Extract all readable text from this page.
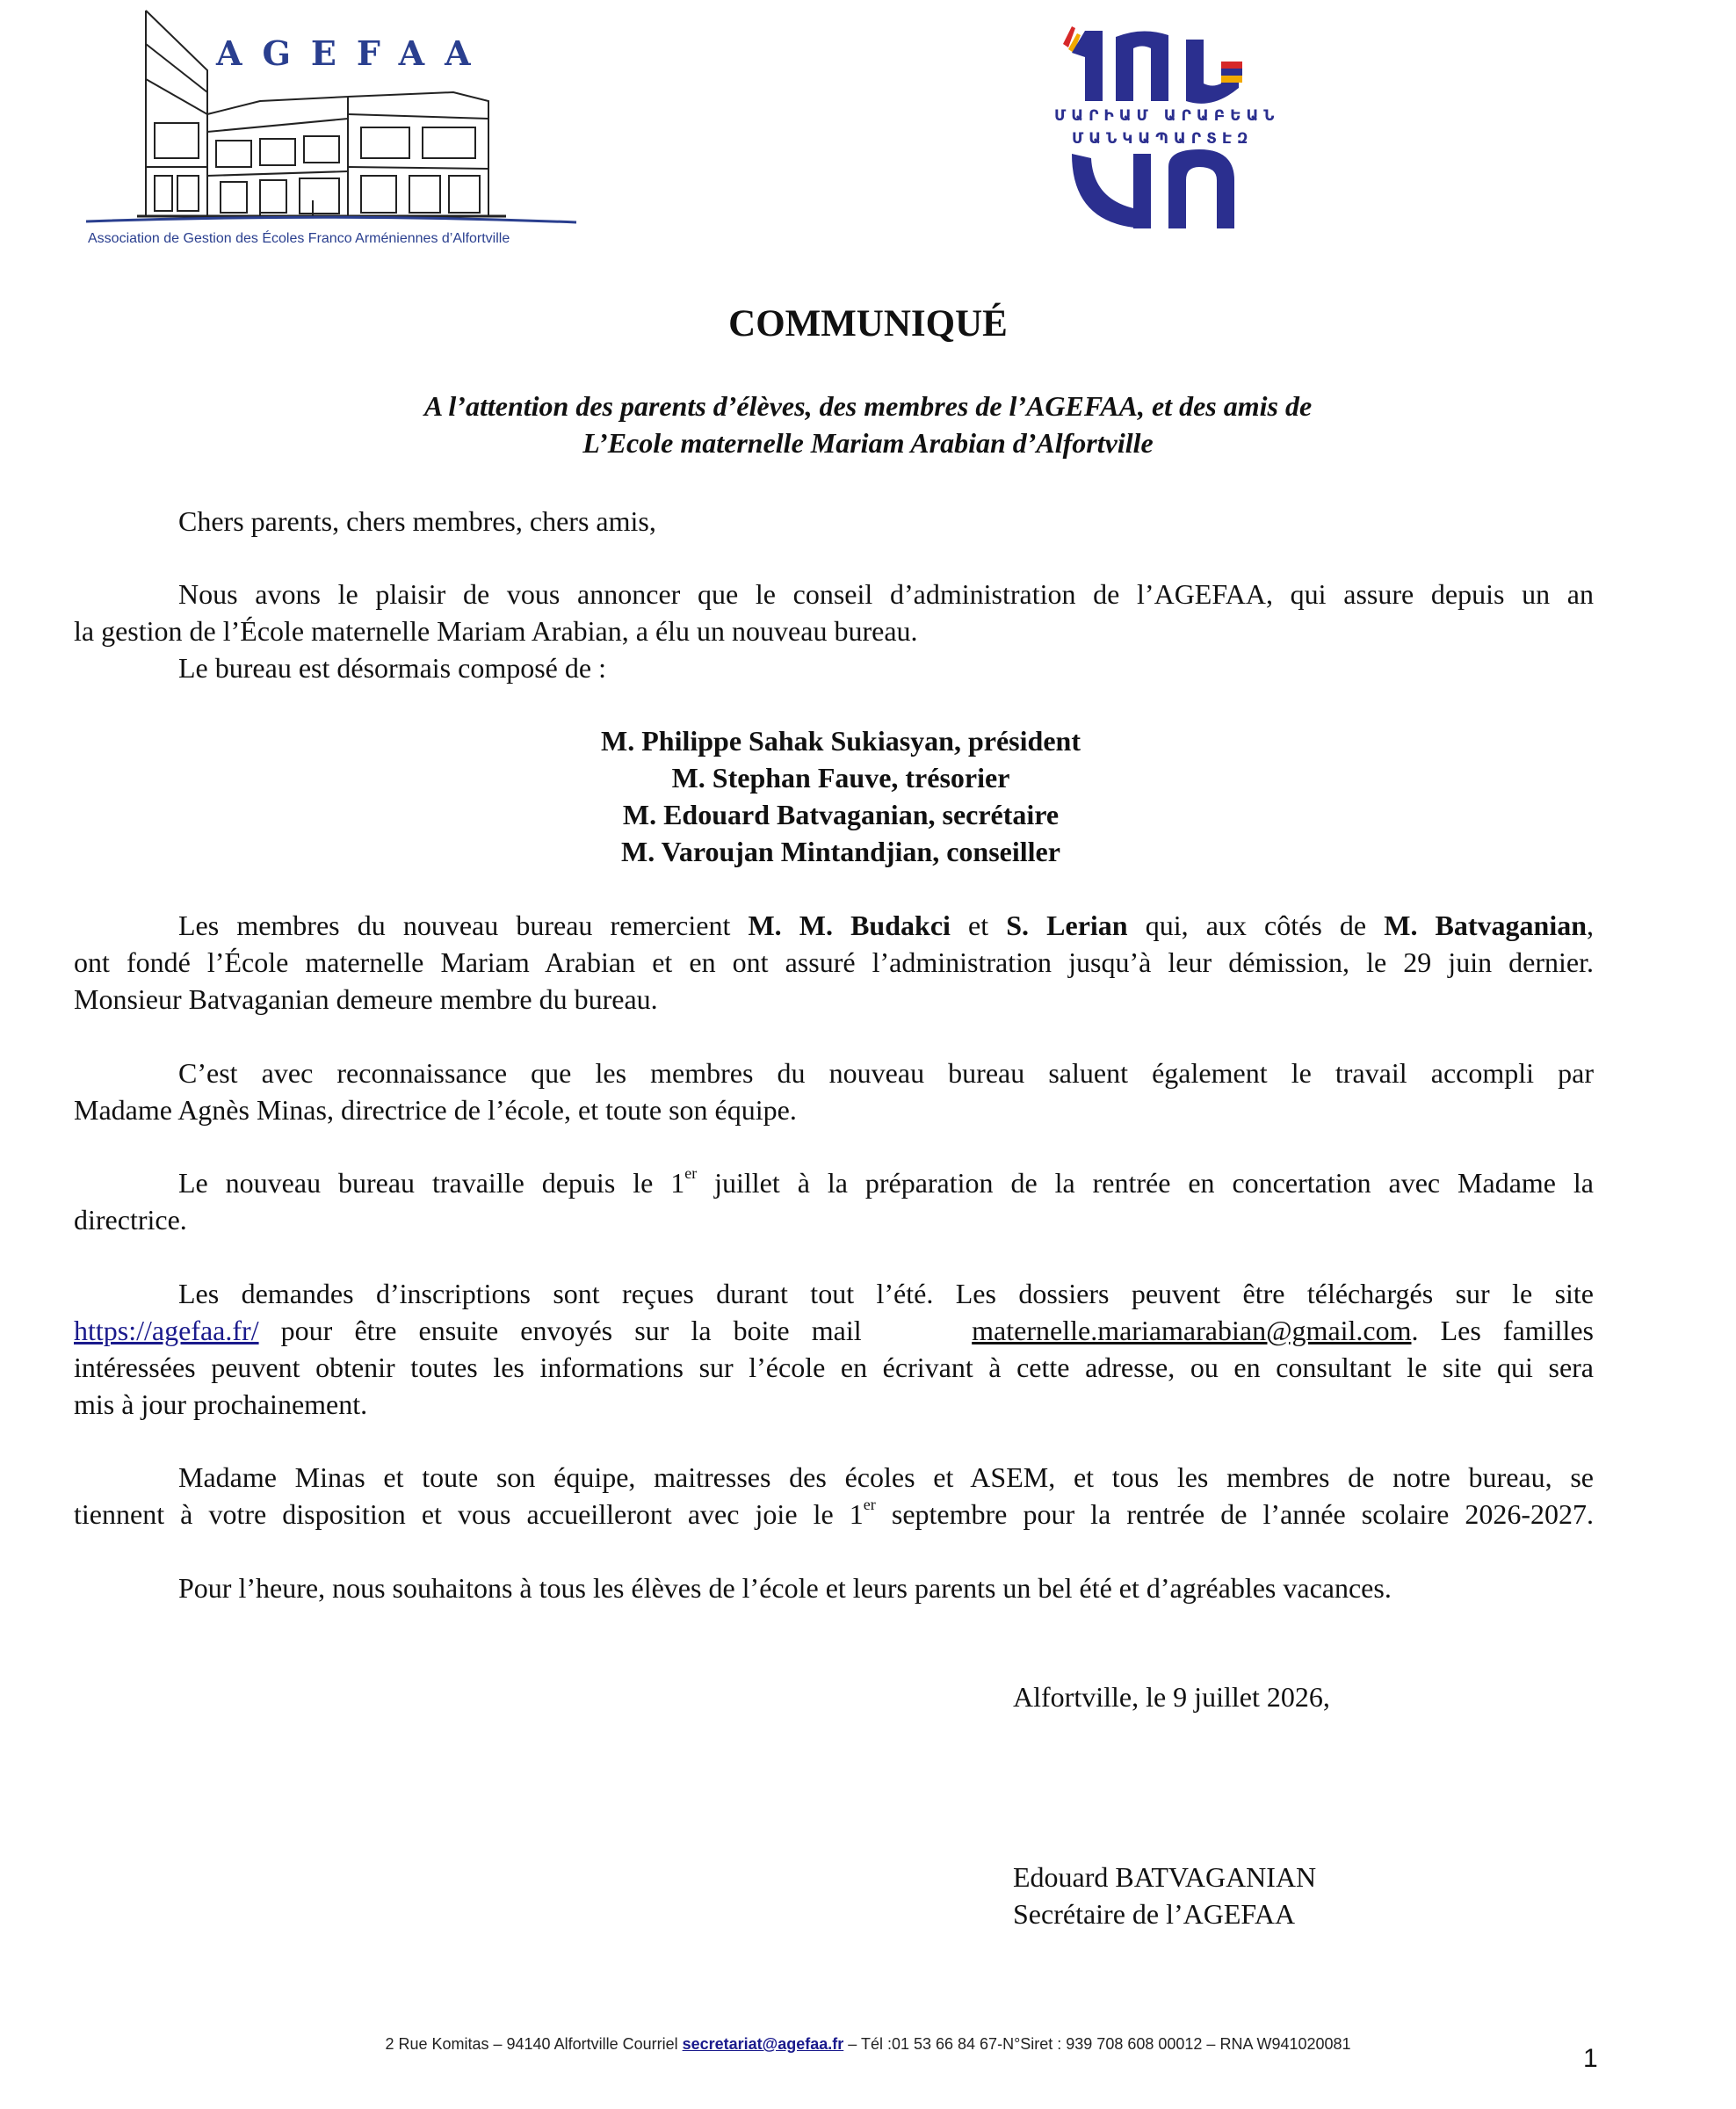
AGEFAA
Association de Gestion des Écoles Franco Arméniennes d’Alfortville
ՄԱՐԻԱՄ ԱՐԱԲԵԱՆ
ՄԱՆԿԱՊԱՐՏԷԶ
COMMUNIQUÉ
A l’attention des parents d’élèves, des membres de l’AGEFAA, et des amis de
L’Ecole maternelle Mariam Arabian d’Alfortville
Chers parents, chers membres, chers amis,
Nous avons le plaisir de vous annoncer que le conseil d’administration de l’AGEFAA, qui assure depuis un an
la gestion de l’École maternelle Mariam Arabian, a élu un nouveau bureau.
Le bureau est désormais composé de :
M. Philippe Sahak Sukiasyan, président
M. Stephan Fauve, trésorier
M. Edouard Batvaganian, secrétaire
M. Varoujan Mintandjian, conseiller
Les membres du nouveau bureau remercient M. M. Budakci et S. Lerian qui, aux côtés de M. Batvaganian,
ont fondé l’École maternelle Mariam Arabian et en ont assuré l’administration jusqu’à leur démission, le 29 juin dernier.
Monsieur Batvaganian demeure membre du bureau.
C’est avec reconnaissance que les membres du nouveau bureau saluent également le travail accompli par
Madame Agnès Minas, directrice de l’école, et toute son équipe.
Le nouveau bureau travaille depuis le 1er juillet à la préparation de la rentrée en concertation avec Madame la
directrice.
Les demandes d’inscriptions sont reçues durant tout l’été. Les dossiers peuvent être téléchargés sur le site
https://agefaa.fr/ pour être ensuite envoyés sur la boite mail	maternelle.mariamarabian@gmail.com. Les familles
intéressées peuvent obtenir toutes les informations sur l’école en écrivant à cette adresse, ou en consultant le site qui sera
mis à jour prochainement.
Madame Minas et toute son équipe, maitresses des écoles et ASEM, et tous les membres de notre bureau, se
tiennent à votre disposition et vous accueilleront avec joie le 1er septembre pour la rentrée de l’année scolaire 2026-2027.
Pour l’heure, nous souhaitons à tous les élèves de l’école et leurs parents un bel été et d’agréables vacances.
Alfortville, le 9 juillet 2026,
Edouard BATVAGANIAN
Secrétaire de l’AGEFAA
2 Rue Komitas – 94140 Alfortville Courriel secretariat@agefaa.fr – Tél :01 53 66 84 67-N°Siret : 939 708 608 00012 – RNA W941020081	1
